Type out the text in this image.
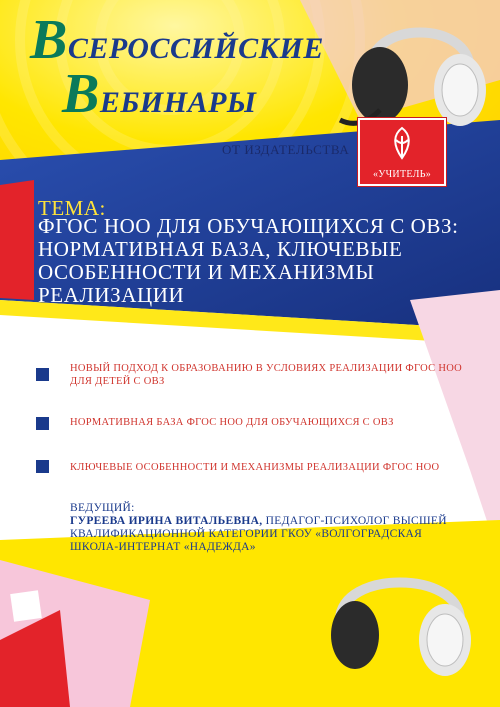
ВСЕРОССИЙСКИЕ
ВЕБИНАРЫ
ОТ ИЗДАТЕЛЬСТВА
«УЧИТЕЛЬ»
ТЕМА:
ФГОС НОО ДЛЯ ОБУЧАЮЩИХСЯ С ОВЗ: НОРМАТИВНАЯ БАЗА, КЛЮЧЕВЫЕ ОСОБЕННОСТИ И МЕХАНИЗМЫ РЕАЛИЗАЦИИ
НОВЫЙ ПОДХОД К ОБРАЗОВАНИЮ В УСЛОВИЯХ РЕАЛИЗАЦИИ ФГОС НОО ДЛЯ ДЕТЕЙ С ОВЗ
НОРМАТИВНАЯ БАЗА ФГОС НОО ДЛЯ ОБУЧАЮЩИХСЯ С ОВЗ
КЛЮЧЕВЫЕ ОСОБЕННОСТИ И МЕХАНИЗМЫ РЕАЛИЗАЦИИ ФГОС НОО
ВЕДУЩИЙ:
ГУРЕЕВА ИРИНА ВИТАЛЬЕВНА, ПЕДАГОГ-ПСИХОЛОГ ВЫСШЕЙ КВАЛИФИКАЦИОННОЙ КАТЕГОРИИ ГКОУ «ВОЛГОГРАДСКАЯ ШКОЛА-ИНТЕРНАТ «НАДЕЖДА»
